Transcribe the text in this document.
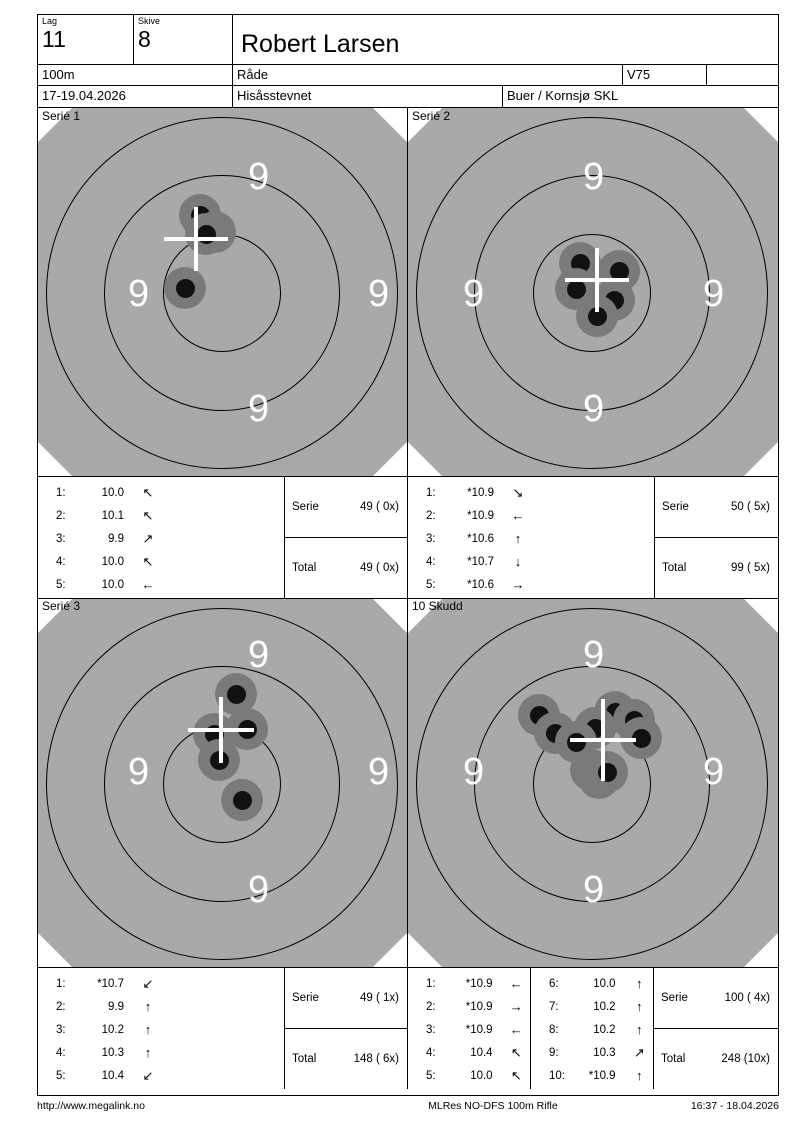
Lag
11
Skive
8	Robert Larsen
100m	Råde	V75
17-19.04.2026	Hisåsstevnet	Buer / Kornsjø SKL
9
9	9
9
1:	10.0	↖
2:	10.1	↖
3:	9.9	↗
4:	10.0	↖
5:	10.0	←
Serie	49 ( 0x)
Total	49 ( 0x)
9
9	9
9
1:	*10.9	↘
2:	*10.9	←
3:	*10.6	↑
4:	*10.7	↓
5:	*10.6	→
Serie	50 ( 5x)
Total	99 ( 5x)
9
9	9
9
1:	*10.7	↙
2:	9.9	↑
3:	10.2	↑
4:	10.3	↑
5:	10.4	↙
Serie	49 ( 1x)
Total	148 ( 6x)
9
9	9
9
1:	*10.9	←
2:	*10.9	→
3:	*10.9	←
4:	10.4	↖
5:	10.0	↖
6:	10.0	↑
7:	10.2	↑
8:	10.2	↑
9:	10.3	↗
10:	*10.9	↑
Serie	100 ( 4x)
Total	248 (10x)
Serié 1	Serié 2
Serié 3	10 Skudd
http://www.megalink.no	MLRes NO-DFS 100m Rifle	16:37 - 18.04.2026
